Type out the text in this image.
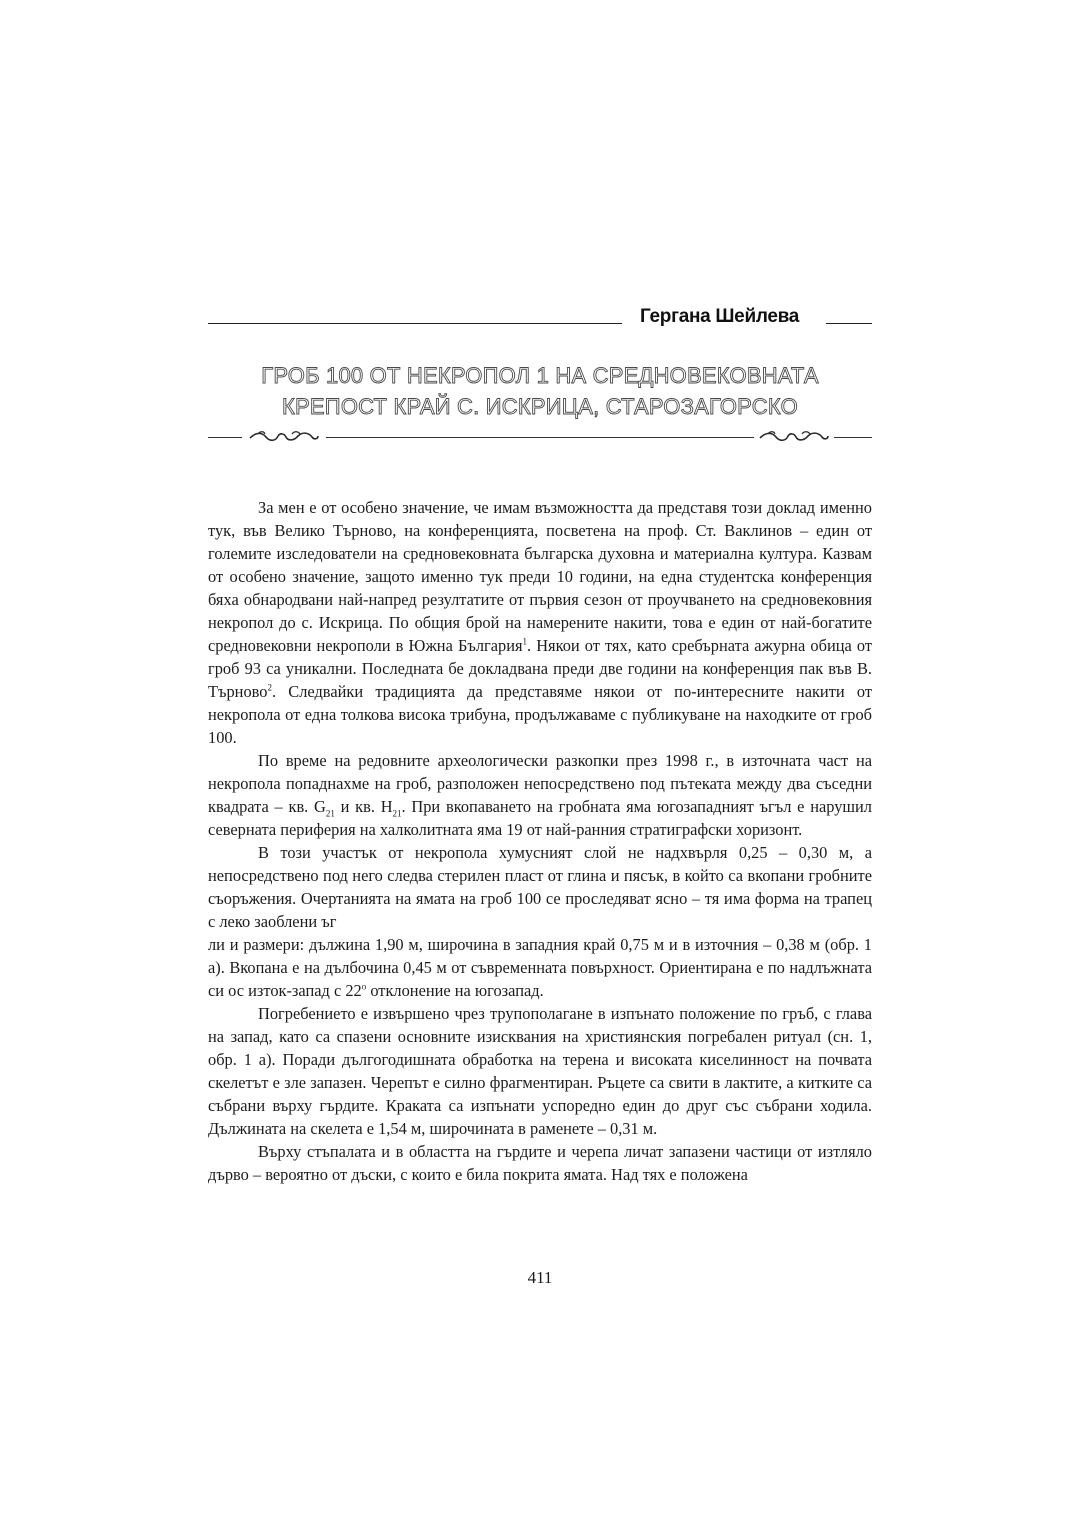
Гергана Шейлева
ГРОБ 100 ОТ НЕКРОПОЛ 1 НА СРЕДНОВЕКОВНАТА
КРЕПОСТ КРАЙ С. ИСКРИЦА, СТАРОЗАГОРСКО

За мен е от особено значение, че имам възможността да представя този доклад именно тук, във Велико Търново, на конференцията, посветена на проф. Ст. Ваклинов – един от големите изследователи на средновековната българска духовна и материална култура. Казвам от особено значение, защото именно тук преди 10 години, на една студентска конференция бяха обнародвани най-напред резултатите от първия сезон от проучването на средновековния некропол до с. Искрица. По общия брой на намерените накити, това е един от най-богатите средновековни некрополи в Южна България$^1$. Някои от тях, като сребърната ажурна обица от гроб 93 са уникални. Последната бе докладвана преди две години на конференция пак във В. Търново$^2$. Следвайки традицията да представяме някои от по-интересните накити от некропола от една толкова висока трибуна, продължаваме с публикуване на находките от гроб 100.

По време на редовните археологически разкопки през 1998 г., в източната част на некропола попаднахме на гроб, разположен непосредствено под пътеката между два съседни квадрата – кв. $G_{21}$ и кв. $H_{21}$. При вкопаването на гробната яма югозападният ъгъл е нарушил северната периферия на халколитната яма 19 от най-ранния стратиграфски хоризонт.

В този участък от некропола хумусният слой не надхвърля 0,25 – 0,30 м, а непосредствено под него следва стерилен пласт от глина и пясък, в който са вкопани гробните съоръжения. Очертанията на ямата на гроб 100 се проследяват ясно – тя има форма на трапец с леко заоблени ъг

ли и размери: дължина 1,90 м, широчина в западния край 0,75 м и в източния – 0,38 м (обр. 1 а). Вкопана е на дълбочина 0,45 м от съвременната повърхност. Ориентирана е по надлъжната си ос изток-запад с $22^о$ отклонение на югозапад.

Погребението е извършено чрез трупополагане в изпънато положение по гръб, с глава на запад, като са спазени основните изисквания на християнския погребален ритуал (сн. 1, обр. 1 а). Поради дългогодишната обработка на терена и високата киселинност на почвата скелетът е зле запазен. Черепът е силно фрагментиран. Ръцете са свити в лактите, а китките са събрани върху гърдите. Краката са изпънати успоредно един до друг със събрани ходила. Дължината на скелета е 1,54 м, широчината в раменете – 0,31 м.

Върху стъпалата и в областта на гърдите и черепа личат запазени частици от изтляло дърво – вероятно от дъски, с които е била покрита ямата. Над тях е положена

411
